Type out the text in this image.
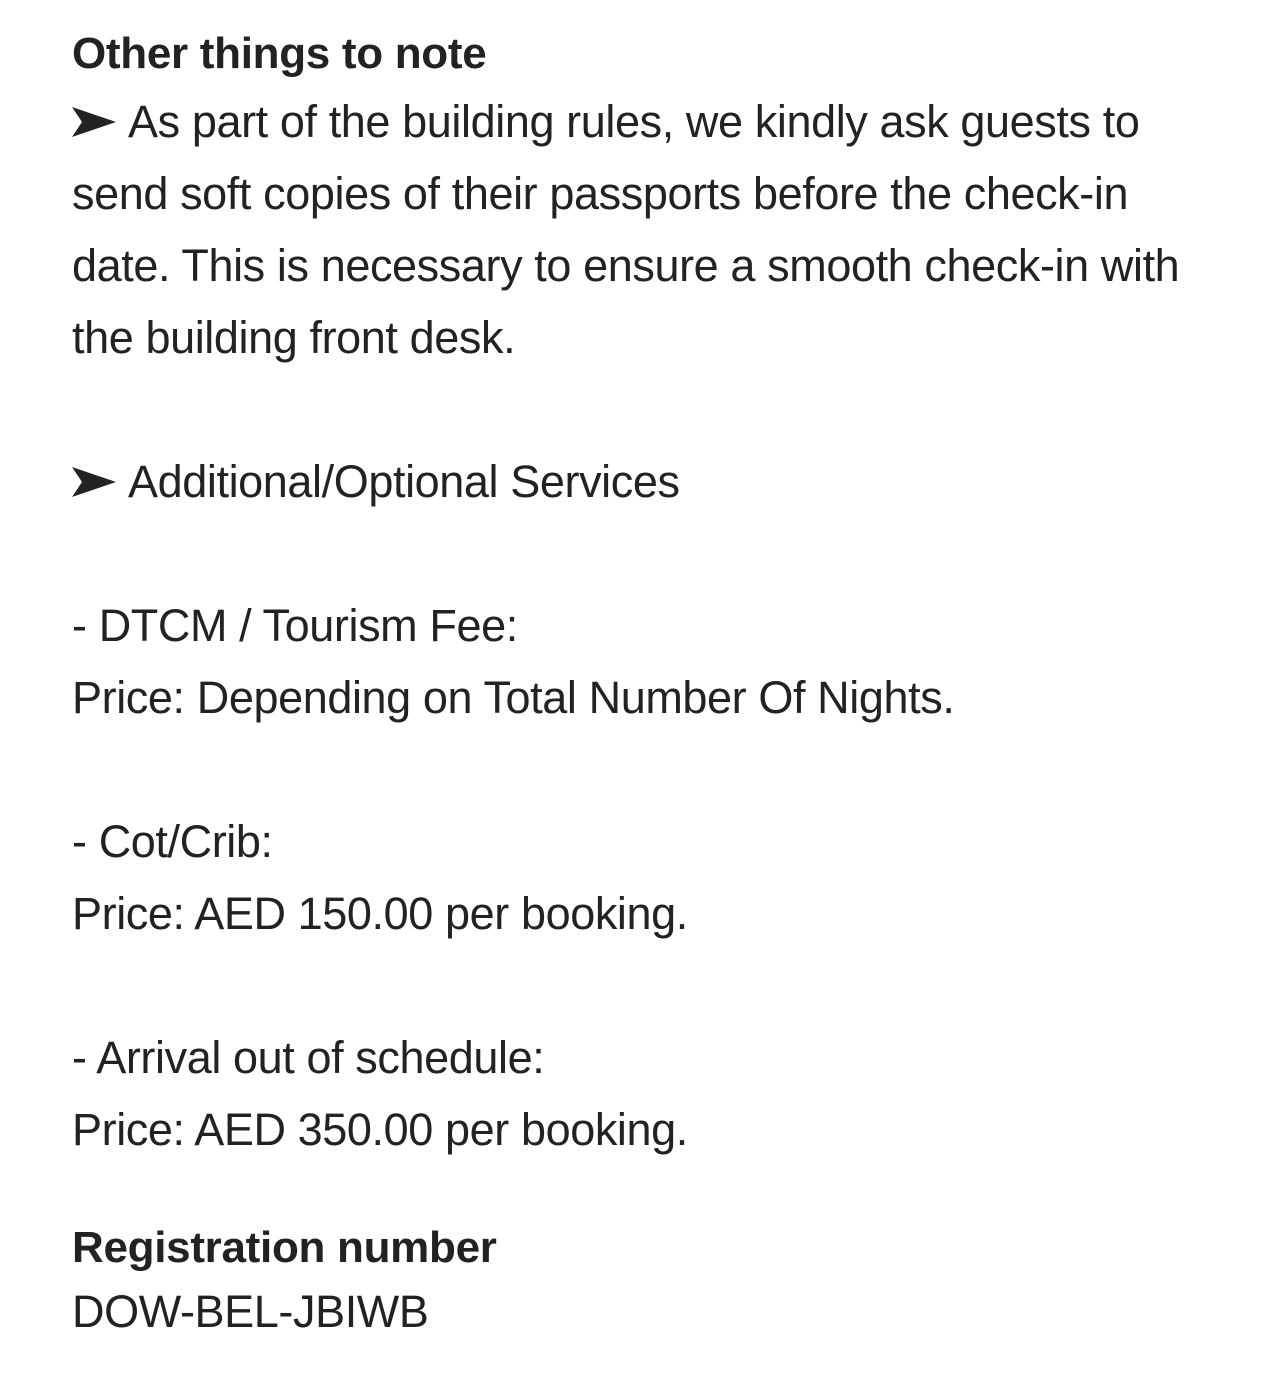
Other things to note
As part of the building rules, we kindly ask guests to send soft copies of their passports before the check-in date. This is necessary to ensure a smooth check-in with the building front desk.
Additional/Optional Services
- DTCM / Tourism Fee:
Price: Depending on Total Number Of Nights.
- Cot/Crib:
Price: AED 150.00 per booking.
- Arrival out of schedule:
Price: AED 350.00 per booking.
Registration number
DOW-BEL-JBIWB
